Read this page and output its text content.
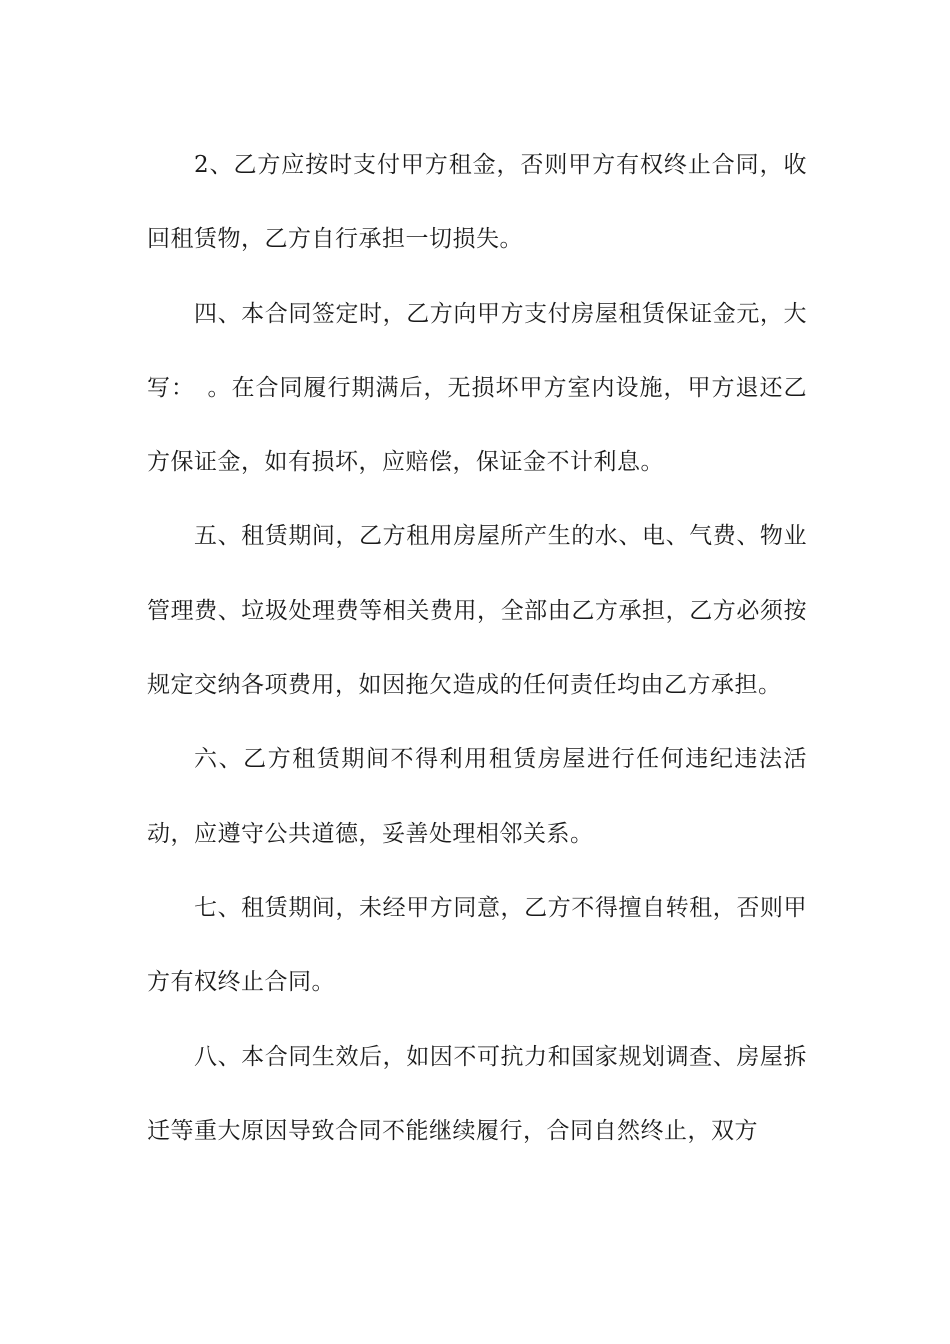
2、乙方应按时支付甲方租金，否则甲方有权终止合同，收回租赁物，乙方自行承担一切损失。

四、本合同签定时，乙方向甲方支付房屋租赁保证金元，大写：　。在合同履行期满后，无损坏甲方室内设施，甲方退还乙方保证金，如有损坏，应赔偿，保证金不计利息。

五、租赁期间，乙方租用房屋所产生的水、电、气费、物业管理费、垃圾处理费等相关费用，全部由乙方承担，乙方必须按规定交纳各项费用，如因拖欠造成的任何责任均由乙方承担。

六、乙方租赁期间不得利用租赁房屋进行任何违纪违法活动，应遵守公共道德，妥善处理相邻关系。

七、租赁期间，未经甲方同意，乙方不得擅自转租，否则甲方有权终止合同。

八、本合同生效后，如因不可抗力和国家规划调查、房屋拆迁等重大原因导致合同不能继续履行，合同自然终止，双方
